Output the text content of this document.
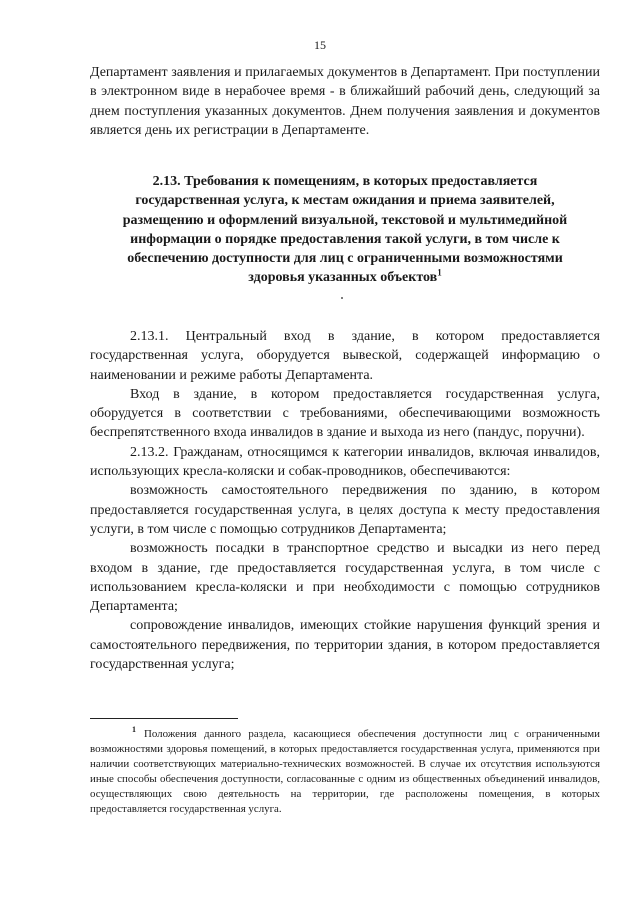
15

Департамент заявления и прилагаемых документов в Департамент. При поступлении в электронном виде в нерабочее время - в ближайший рабочий день, следующий за днем поступления указанных документов. Днем получения заявления и документов является день их регистрации в Департаменте.

2.13. Требования к помещениям, в которых предоставляется государственная услуга, к местам ожидания и приема заявителей, размещению и оформлений визуальной, текстовой и мультимедийной информации о порядке предоставления такой услуги, в том числе к обеспечению доступности для лиц с ограниченными возможностями здоровья указанных объектов$^1$

2.13.1. Центральный вход в здание, в котором предоставляется государственная услуга, оборудуется вывеской, содержащей информацию о наименовании и режиме работы Департамента.

Вход в здание, в котором предоставляется государственная услуга, оборудуется в соответствии с требованиями, обеспечивающими возможность беспрепятственного входа инвалидов в здание и выхода из него (пандус, поручни).

2.13.2. Гражданам, относящимся к категории инвалидов, включая инвалидов, использующих кресла-коляски и собак-проводников, обеспечиваются:

возможность самостоятельного передвижения по зданию, в котором предоставляется государственная услуга, в целях доступа к месту предоставления услуги, в том числе с помощью сотрудников Департамента;

возможность посадки в транспортное средство и высадки из него перед входом в здание, где предоставляется государственная услуга, в том числе с использованием кресла-коляски и при необходимости с помощью сотрудников Департамента;

сопровождение инвалидов, имеющих стойкие нарушения функций зрения и самостоятельного передвижения, по территории здания, в котором предоставляется государственная услуга;

$^1$ Положения данного раздела, касающиеся обеспечения доступности лиц с ограниченными возможностями здоровья помещений, в которых предоставляется государственная услуга, применяются при наличии соответствующих материально-технических возможностей. В случае их отсутствия используются иные способы обеспечения доступности, согласованные с одним из общественных объединений инвалидов, осуществляющих свою деятельность на территории, где расположены помещения, в которых предоставляется государственная услуга.
